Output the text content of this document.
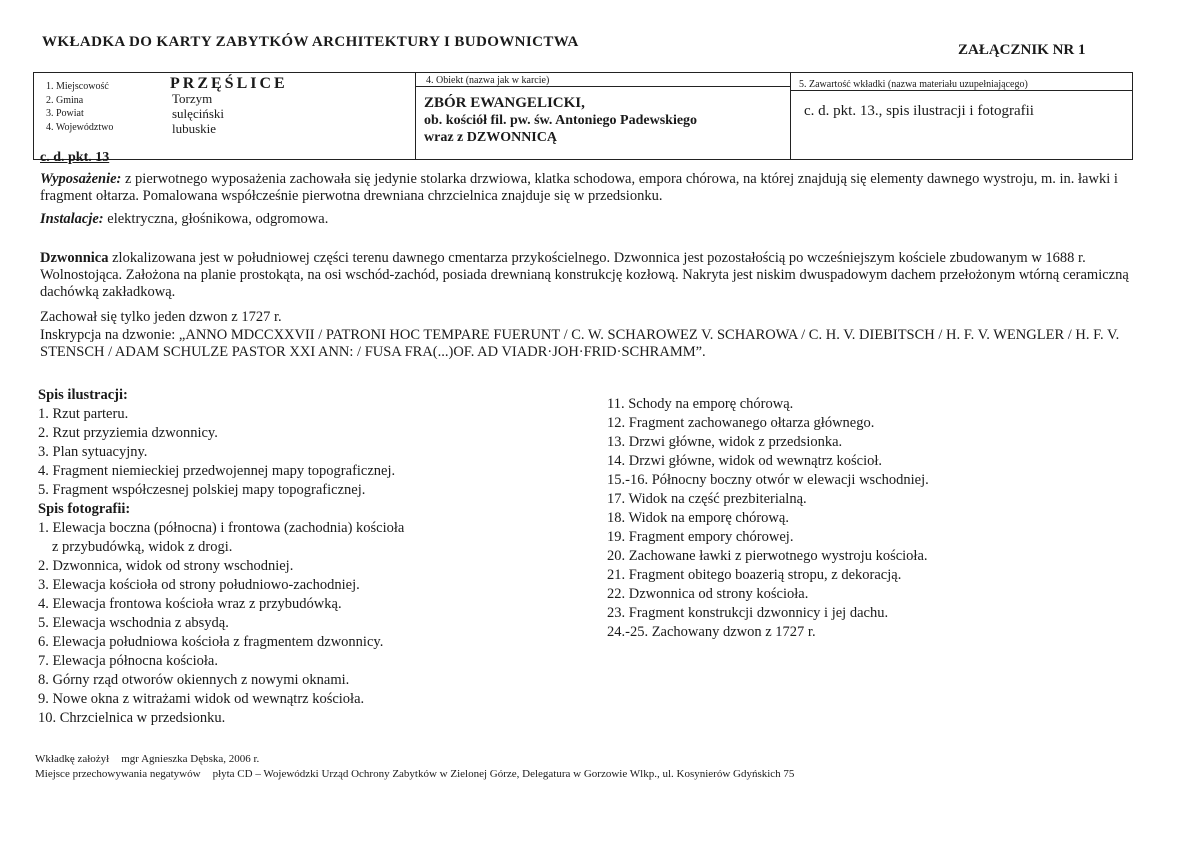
WKŁADKA DO KARTY ZABYTKÓW ARCHITEKTURY I BUDOWNICTWA	ZAŁĄCZNIK NR 1
1. Miejscowość
2. Gmina
3. Powiat
4. Województwo
PRZĘŚLICE
Torzym
sulęciński
lubuskie
4. Obiekt (nazwa jak w karcie)
ZBÓR EWANGELICKI,
ob. kościół fil. pw. św. Antoniego Padewskiego
wraz z DZWONNICĄ
5. Zawartość wkładki (nazwa materiału uzupełniającego)
c. d. pkt. 13., spis ilustracji i fotografii
c. d. pkt. 13
Wyposażenie: z pierwotnego wyposażenia zachowała się jedynie stolarka drzwiowa, klatka schodowa, empora chórowa, na której znajdują się elementy dawnego wystroju, m. in. ławki i fragment ołtarza. Pomalowana współcześnie pierwotna drewniana chrzcielnica znajduje się w przedsionku.
Instalacje: elektryczna, głośnikowa, odgromowa.
Dzwonnica zlokalizowana jest w południowej części terenu dawnego cmentarza przykościelnego. Dzwonnica jest pozostałością po wcześniejszym kościele zbudowanym w 1688 r. Wolnostojąca. Założona na planie prostokąta, na osi wschód-zachód, posiada drewnianą konstrukcję kozłową. Nakryta jest niskim dwuspadowym dachem przełożonym wtórną ceramiczną dachówką zakładkową.
Zachował się tylko jeden dzwon z 1727 r.
Inskrypcja na dzwonie: „ANNO MDCCXXVII / PATRONI HOC TEMPARE FUERUNT / C. W. SCHAROWEZ V. SCHAROWA / C. H. V. DIEBITSCH / H. F. V. WENGLER / H. F. V. STENSCH / ADAM SCHULZE PASTOR XXI ANN: / FUSA FRA(...)OF. AD VIADR·JOH·FRID·SCHRAMM”.
Spis ilustracji:
1. Rzut parteru.
2. Rzut przyziemia dzwonnicy.
3. Plan sytuacyjny.
4. Fragment niemieckiej przedwojennej mapy topograficznej.
5. Fragment współczesnej polskiej mapy topograficznej.
Spis fotografii:
1. Elewacja boczna (północna) i frontowa (zachodnia) kościoła
z przybudówką, widok z drogi.
2. Dzwonnica, widok od strony wschodniej.
3. Elewacja kościoła od strony południowo-zachodniej.
4. Elewacja frontowa kościoła wraz z przybudówką.
5. Elewacja wschodnia z absydą.
6. Elewacja południowa kościoła z fragmentem dzwonnicy.
7. Elewacja północna kościoła.
8. Górny rząd otworów okiennych z nowymi oknami.
9. Nowe okna z witrażami widok od wewnątrz kościoła.
10. Chrzcielnica w przedsionku.
11. Schody na emporę chórową.
12. Fragment zachowanego ołtarza głównego.
13. Drzwi główne, widok z przedsionka.
14. Drzwi główne, widok od wewnątrz kościoł.
15.-16. Północny boczny otwór w elewacji wschodniej.
17. Widok na część prezbiterialną.
18. Widok na emporę chórową.
19. Fragment empory chórowej.
20. Zachowane ławki z pierwotnego wystroju kościoła.
21. Fragment obitego boazerią stropu, z dekoracją.
22. Dzwonnica od strony kościoła.
23. Fragment konstrukcji dzwonnicy i jej dachu.
24.-25. Zachowany dzwon z 1727 r.
Wkładkę założył mgr Agnieszka Dębska, 2006 r.
Miejsce przechowywania negatywów płyta CD – Wojewódzki Urząd Ochrony Zabytków w Zielonej Górze, Delegatura w Gorzowie Wlkp., ul. Kosynierów Gdyńskich 75
